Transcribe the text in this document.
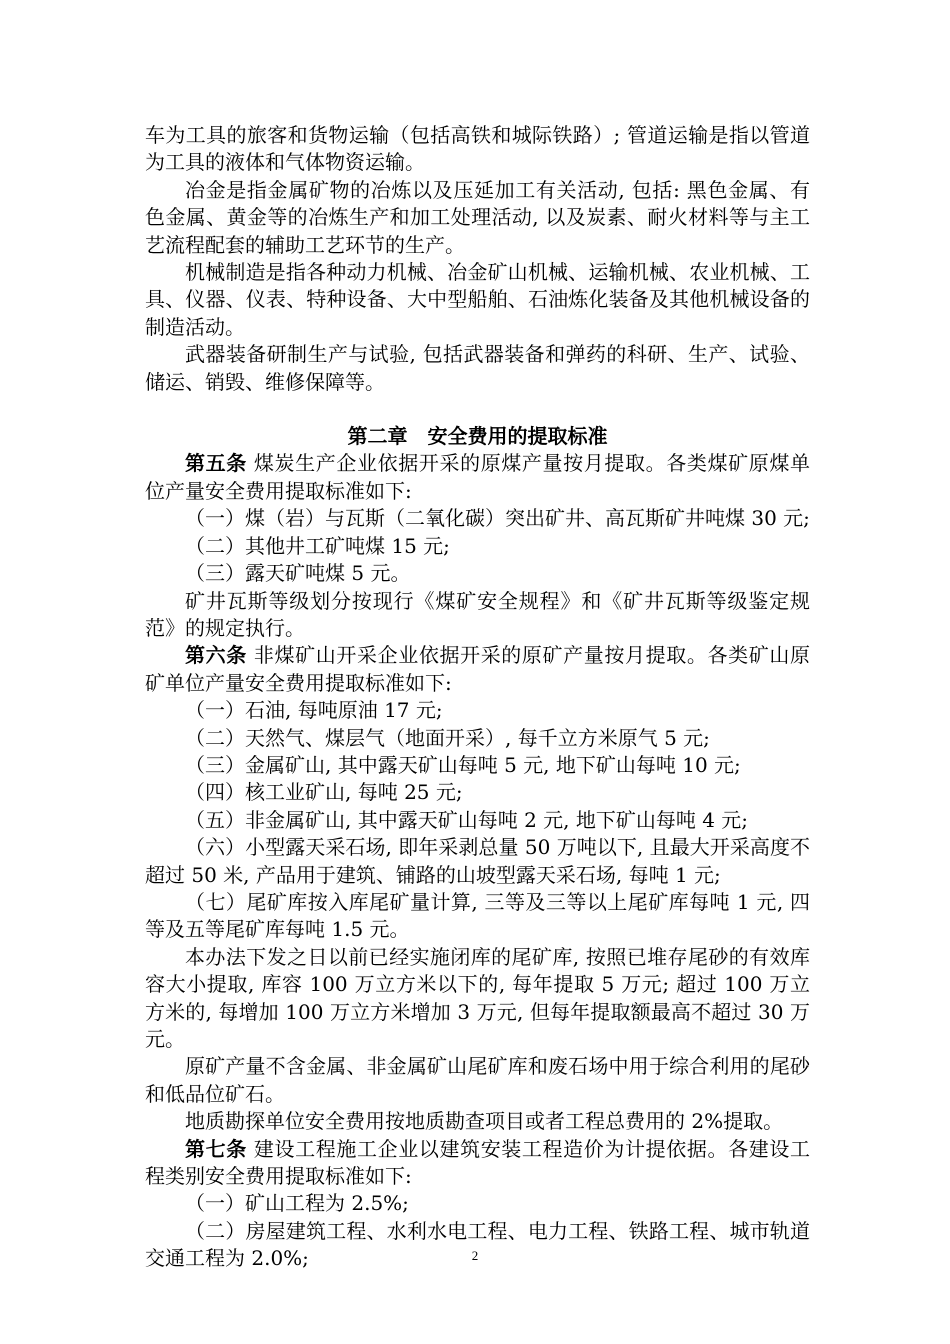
车为工具的旅客和货物运输（包括高铁和城际铁路）; 管道运输是指以管道为工具的液体和气体物资运输。

冶金是指金属矿物的冶炼以及压延加工有关活动, 包括: 黑色金属、有色金属、黄金等的冶炼生产和加工处理活动, 以及炭素、耐火材料等与主工艺流程配套的辅助工艺环节的生产。

机械制造是指各种动力机械、冶金矿山机械、运输机械、农业机械、工具、仪器、仪表、特种设备、大中型船舶、石油炼化装备及其他机械设备的制造活动。

武器装备研制生产与试验, 包括武器装备和弹药的科研、生产、试验、储运、销毁、维修保障等。

第二章　安全费用的提取标准

第五条 煤炭生产企业依据开采的原煤产量按月提取。各类煤矿原煤单位产量安全费用提取标准如下:

（一）煤（岩）与瓦斯（二氧化碳）突出矿井、高瓦斯矿井吨煤 30 元;

（二）其他井工矿吨煤 15 元;

（三）露天矿吨煤 5 元。

矿井瓦斯等级划分按现行《煤矿安全规程》和《矿井瓦斯等级鉴定规范》的规定执行。

第六条 非煤矿山开采企业依据开采的原矿产量按月提取。各类矿山原矿单位产量安全费用提取标准如下:

（一）石油, 每吨原油 17 元;

（二）天然气、煤层气（地面开采）, 每千立方米原气 5 元;

（三）金属矿山, 其中露天矿山每吨 5 元, 地下矿山每吨 10 元;

（四）核工业矿山, 每吨 25 元;

（五）非金属矿山, 其中露天矿山每吨 2 元, 地下矿山每吨 4 元;

（六）小型露天采石场, 即年采剥总量 50 万吨以下, 且最大开采高度不超过 50 米, 产品用于建筑、铺路的山坡型露天采石场, 每吨 1 元;

（七）尾矿库按入库尾矿量计算, 三等及三等以上尾矿库每吨 1 元, 四等及五等尾矿库每吨 1.5 元。

本办法下发之日以前已经实施闭库的尾矿库, 按照已堆存尾砂的有效库容大小提取, 库容 100 万立方米以下的, 每年提取 5 万元; 超过 100 万立方米的, 每增加 100 万立方米增加 3 万元, 但每年提取额最高不超过 30 万元。

原矿产量不含金属、非金属矿山尾矿库和废石场中用于综合利用的尾砂和低品位矿石。

地质勘探单位安全费用按地质勘查项目或者工程总费用的 2%提取。

第七条 建设工程施工企业以建筑安装工程造价为计提依据。各建设工程类别安全费用提取标准如下:

（一）矿山工程为 2.5%;

（二）房屋建筑工程、水利水电工程、电力工程、铁路工程、城市轨道交通工程为 2.0%;	2
